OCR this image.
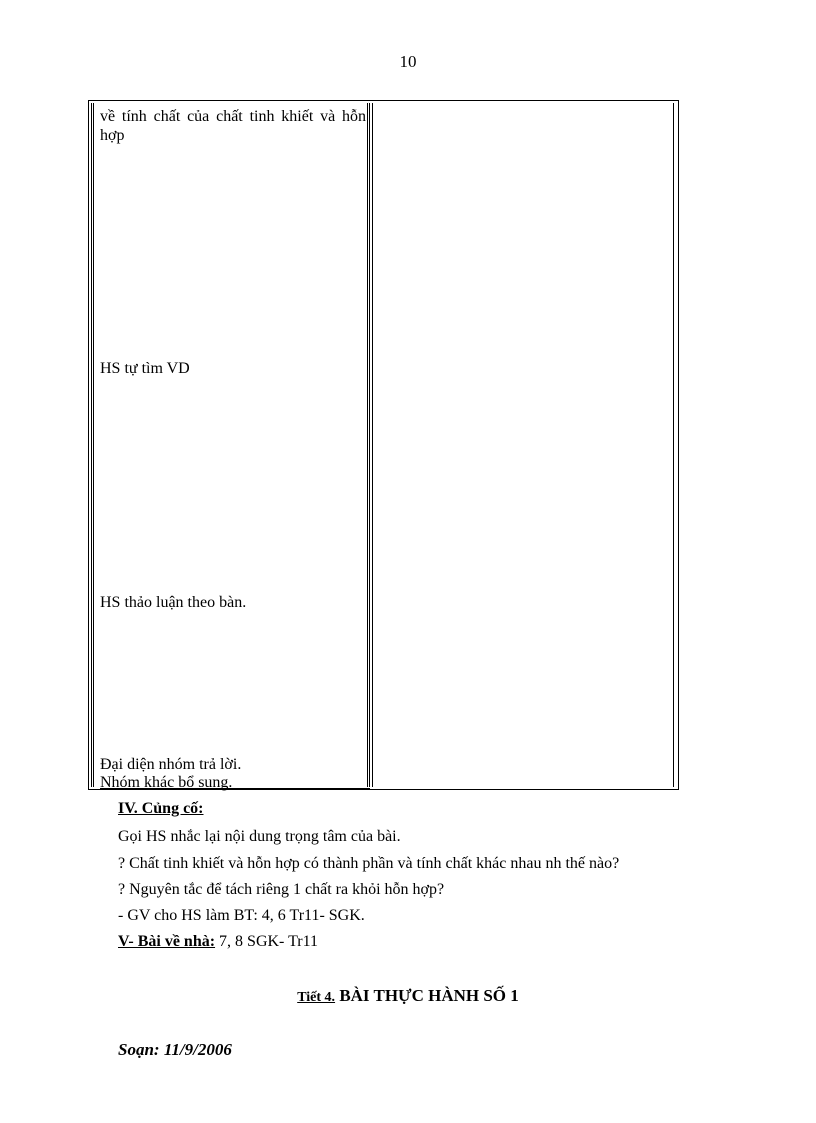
10
về tính chất của chất tinh khiết và hỗn hợp
HS tự tìm VD
HS thảo luận theo bàn.
Đại diện nhóm trả lời.
Nhóm khác bổ sung.
IV. Củng cố:
Gọi HS nhắc lại nội dung trọng tâm của bài.
? Chất tinh khiết và hỗn hợp có thành phần và tính chất khác nhau nh thế nào?
? Nguyên tắc để tách riêng 1 chất ra khỏi hỗn hợp?
- GV cho HS làm BT: 4, 6 Tr11- SGK.
V- Bài về nhà: 7, 8 SGK- Tr11
Tiết 4. BÀI THỰC HÀNH SỐ 1
Soạn: 11/9/2006
